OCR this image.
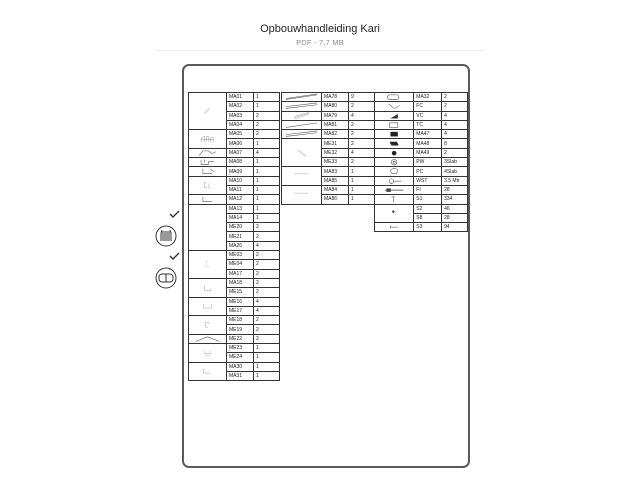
Opbouwhandleiding Kari
PDF - 7,7 MB
	MA01	1
	MA02	1
	MA03	2
	MA04	2

	MA05	2
	MA06	1

	MA07	4

	MA08	1

	MA09	1

	MA10	1
	MA11	1

	MA12	1
	MA13	1
	MA14	1
	ME20	2
	ME21	2
	MA26	4

	ME03	2
	ME04	2
	MA17	2

	MA18	2
	ME15	2

	ME16	4
	ME17	4

	ME18	2
	ME19	2

	ME22	2

	ME23	1
	ME24	1

	MA30	1
	MA31	1
	MA78	9

	MA80	2

	MA79	4

	MA81	2

	MA82	2

	ME31	2
	ME32	4
	ME33	2

	MA83	1
	MA85	1

	MA84	1
	MA86	1
	MA32	2

	FC	2

	VC	4

	TC	4

	MA47	4

	MA48	8

	MA49	2

	PW	3Slab

	PC	4Slab

	WST	3.5 Mtr

	FI	28

	S1	334

	S2	46
	S8	28

	S3	94
7
